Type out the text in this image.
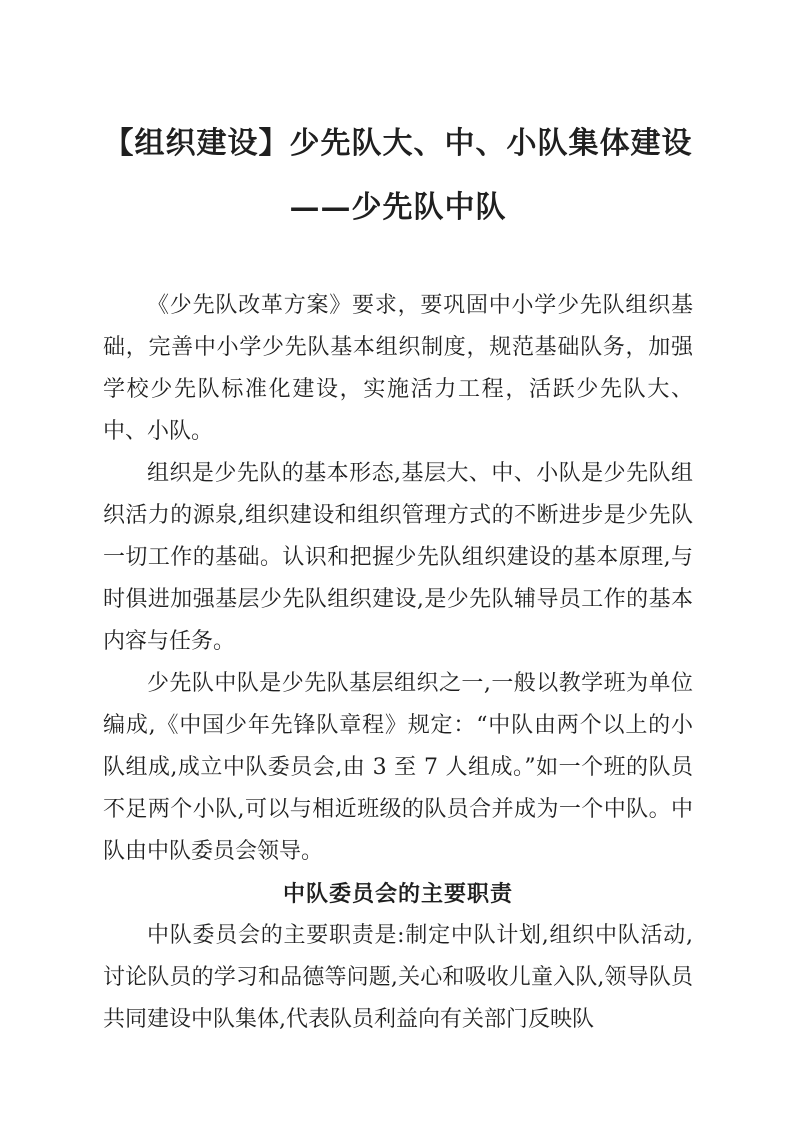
【组织建设】少先队大、中、小队集体建设
——少先队中队

《少先队改革方案》要求，要巩固中小学少先队组织基础，完善中小学少先队基本组织制度，规范基础队务，加强学校少先队标准化建设，实施活力工程，活跃少先队大、中、小队。

组织是少先队的基本形态,基层大、中、小队是少先队组织活力的源泉,组织建设和组织管理方式的不断进步是少先队一切工作的基础。认识和把握少先队组织建设的基本原理,与时俱进加强基层少先队组织建设,是少先队辅导员工作的基本内容与任务。

少先队中队是少先队基层组织之一,一般以教学班为单位编成,《中国少年先锋队章程》规定：“中队由两个以上的小队组成,成立中队委员会,由 3 至 7 人组成。”如一个班的队员不足两个小队,可以与相近班级的队员合并成为一个中队。中队由中队委员会领导。

中队委员会的主要职责

中队委员会的主要职责是:制定中队计划,组织中队活动,讨论队员的学习和品德等问题,关心和吸收儿童入队,领导队员共同建设中队集体,代表队员利益向有关部门反映队
